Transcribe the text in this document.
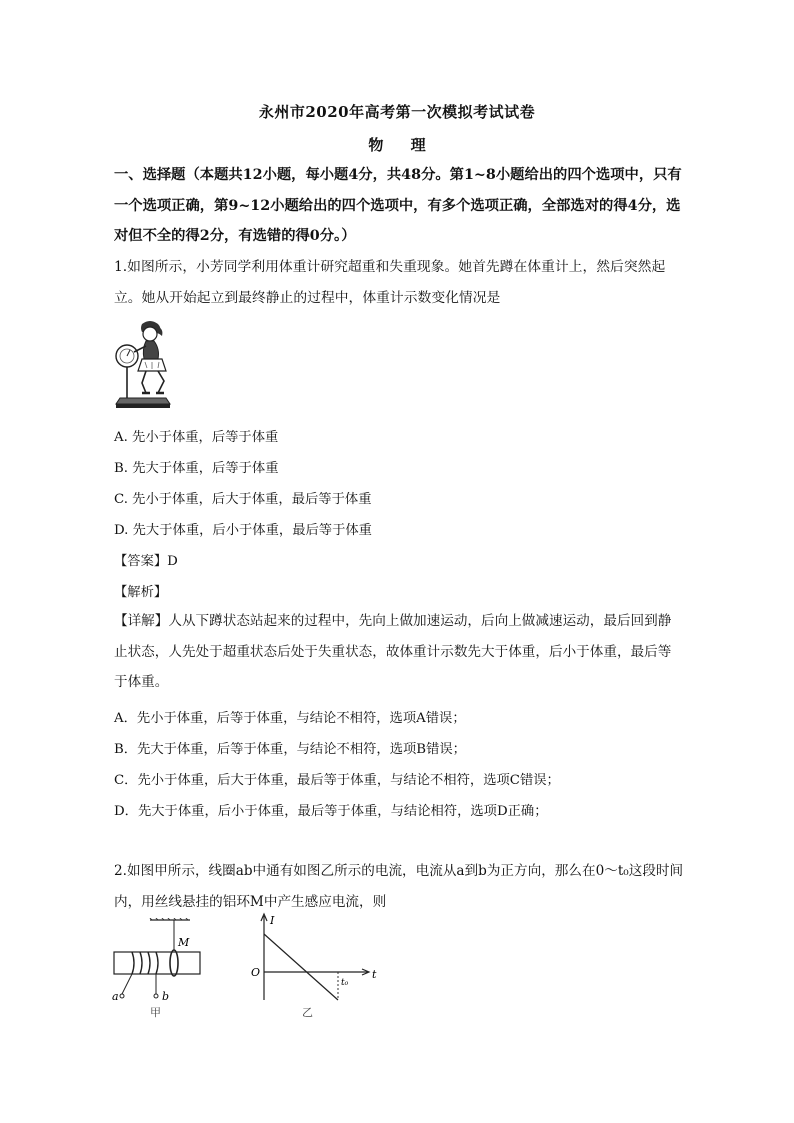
永州市2020年高考第一次模拟考试试卷
物 理

一、选择题（本题共12小题，每小题4分，共48分。第1~8小题给出的四个选项中，只有一个选项正确，第9~12小题给出的四个选项中，有多个选项正确，全部选对的得4分，选对但不全的得2分，有选错的得0分。）

1.如图所示，小芳同学利用体重计研究超重和失重现象。她首先蹲在体重计上，然后突然起立。她从开始起立到最终静止的过程中，体重计示数变化情况是

A. 先小于体重，后等于体重
B. 先大于体重，后等于体重
C. 先小于体重，后大于体重，最后等于体重
D. 先大于体重，后小于体重，最后等于体重
【答案】D
【解析】

【详解】人从下蹲状态站起来的过程中，先向上做加速运动，后向上做减速运动，最后回到静止状态，人先处于超重状态后处于失重状态，故体重计示数先大于体重，后小于体重，最后等于体重。

A．先小于体重，后等于体重，与结论不相符，选项A错误；
B．先大于体重，后等于体重，与结论不相符，选项B错误；
C．先小于体重，后大于体重，最后等于体重，与结论不相符，选项C错误；
D．先大于体重，后小于体重，最后等于体重，与结论相符，选项D正确；

2.如图甲所示，线圈ab中通有如图乙所示的电流，电流从a到b为正方向，那么在0～t₀这段时间内，用丝线悬挂的铝环M中产生感应电流，则

M
a	b
甲
I
O	t
t₀
乙
